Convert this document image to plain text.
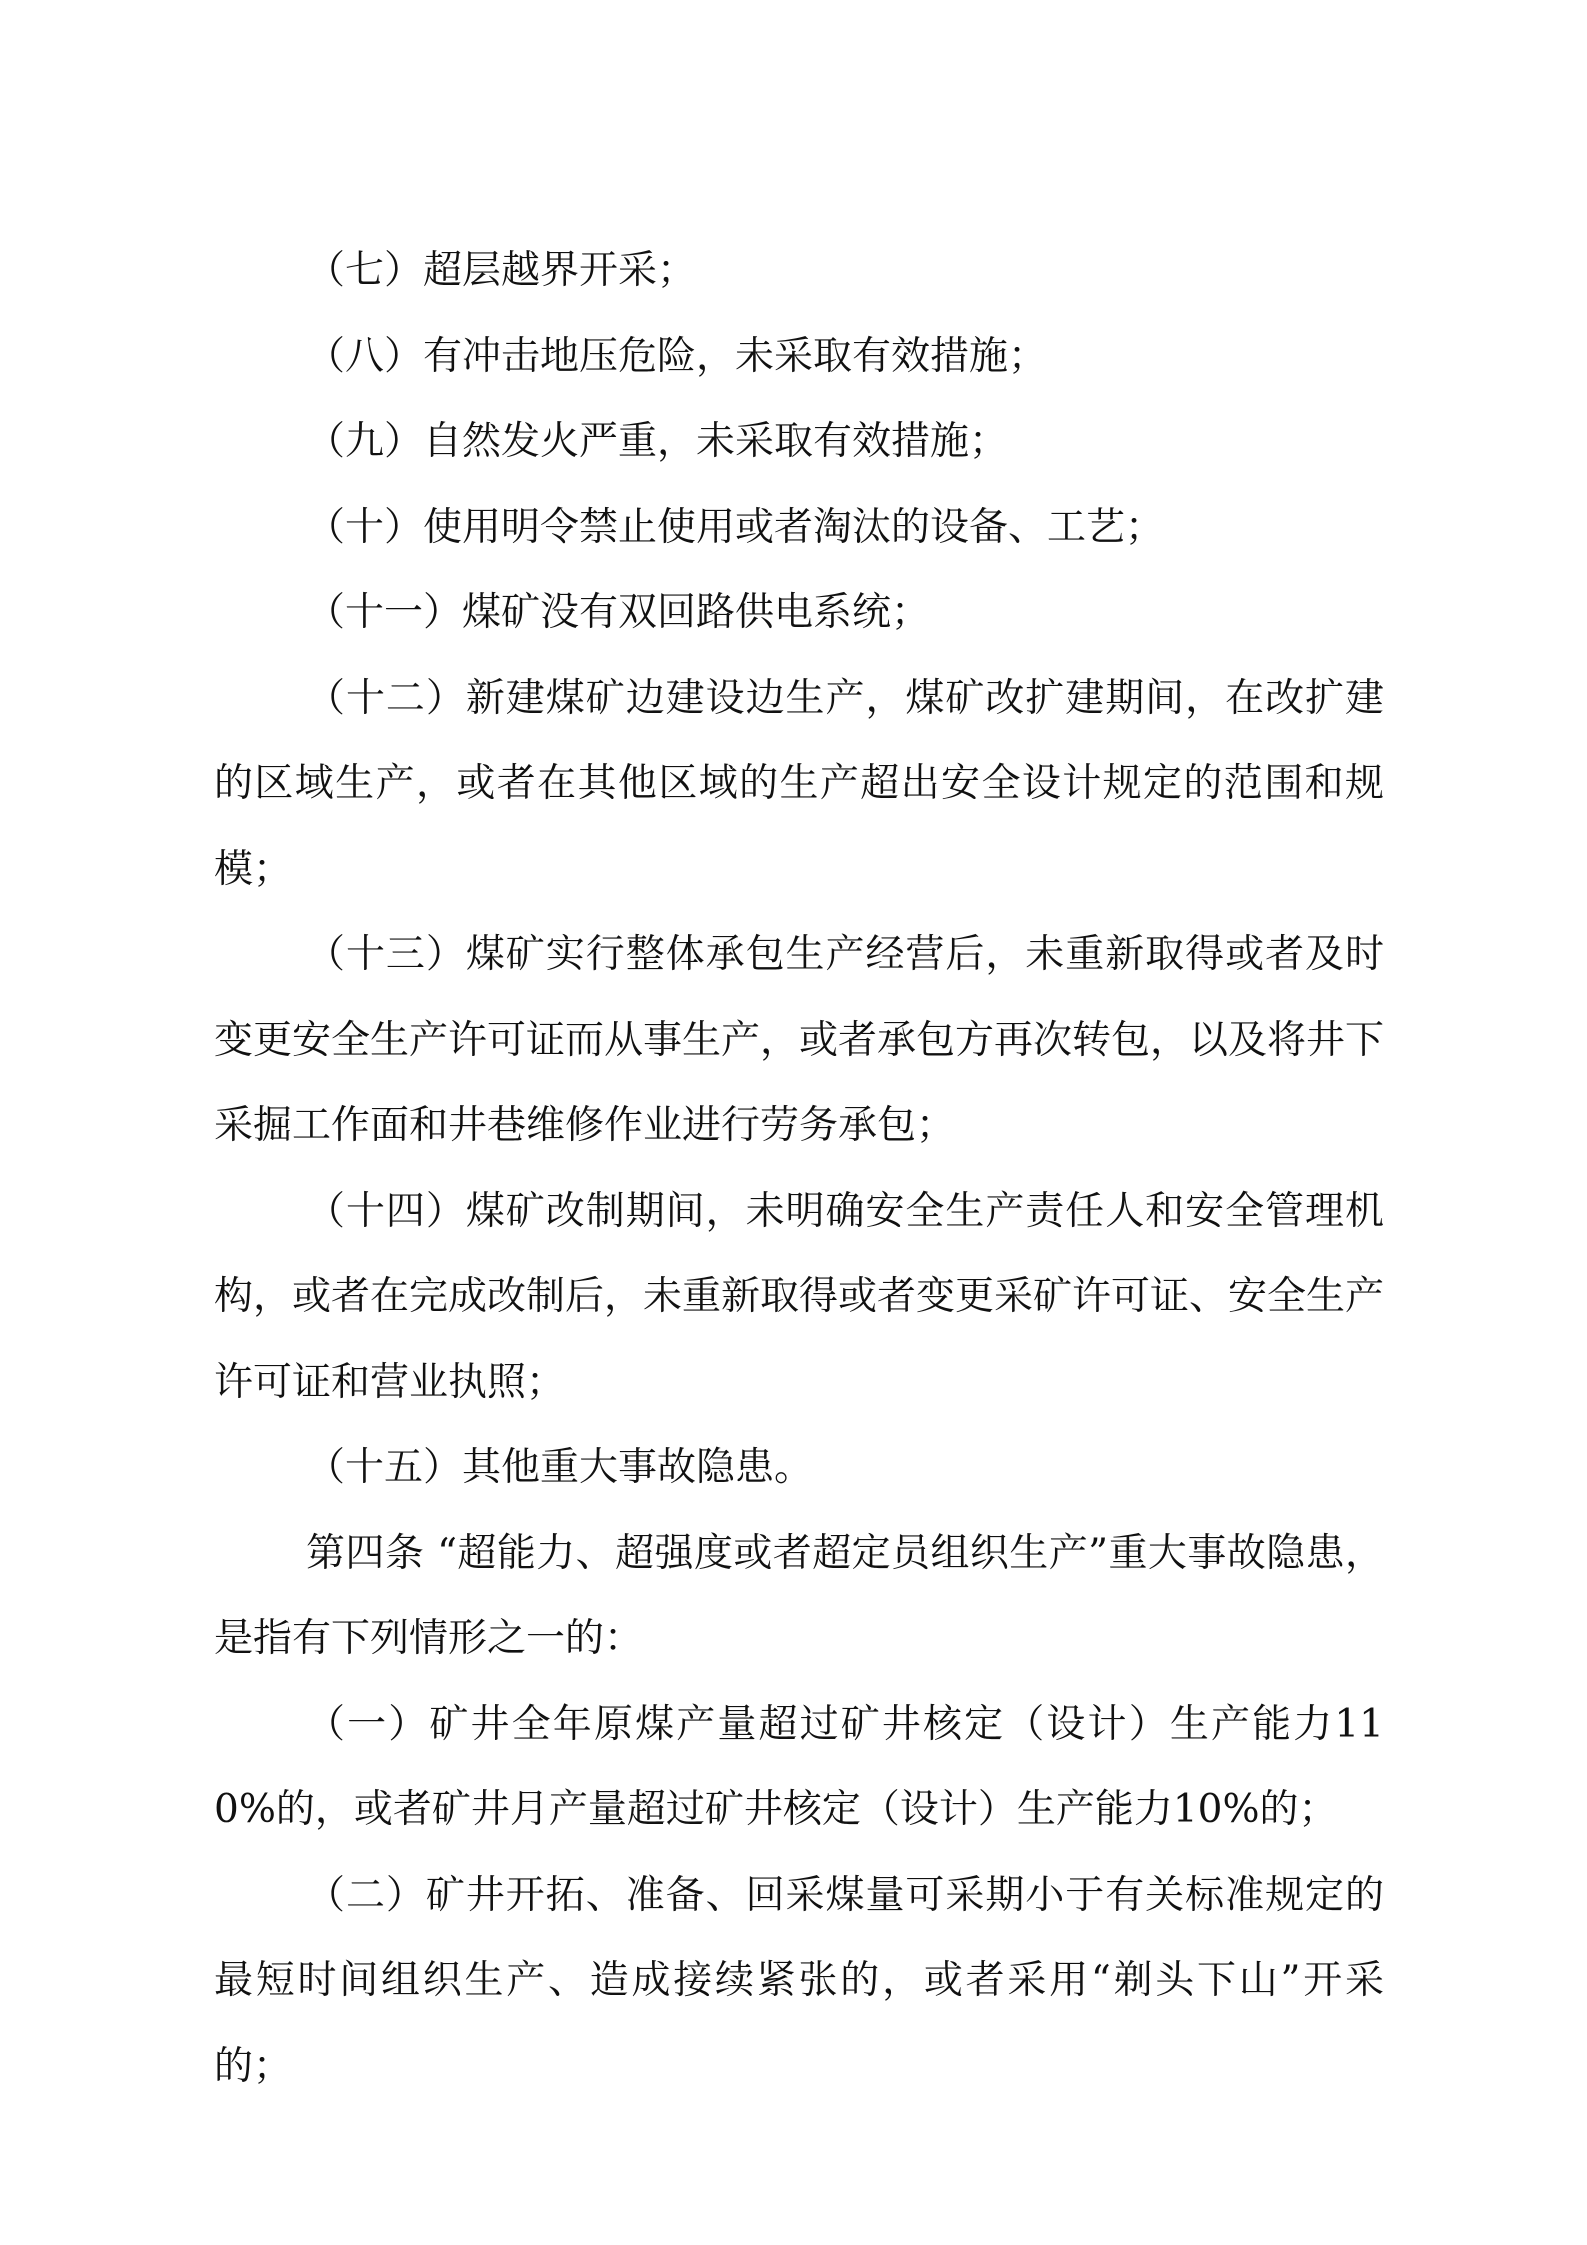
（七）超层越界开采；

（八）有冲击地压危险，未采取有效措施；

（九）自然发火严重，未采取有效措施；

（十）使用明令禁止使用或者淘汰的设备、工艺；

（十一）煤矿没有双回路供电系统；

（十二）新建煤矿边建设边生产，煤矿改扩建期间，在改扩建的区域生产，或者在其他区域的生产超出安全设计规定的范围和规模；

（十三）煤矿实行整体承包生产经营后，未重新取得或者及时变更安全生产许可证而从事生产，或者承包方再次转包，以及将井下采掘工作面和井巷维修作业进行劳务承包；

（十四）煤矿改制期间，未明确安全生产责任人和安全管理机构，或者在完成改制后，未重新取得或者变更采矿许可证、安全生产许可证和营业执照；

（十五）其他重大事故隐患。

第四条 “超能力、超强度或者超定员组织生产”重大事故隐患，是指有下列情形之一的：

（一）矿井全年原煤产量超过矿井核定（设计）生产能力110%的，或者矿井月产量超过矿井核定（设计）生产能力10%的；

（二）矿井开拓、准备、回采煤量可采期小于有关标准规定的最短时间组织生产、造成接续紧张的，或者采用“剃头下山”开采的；
